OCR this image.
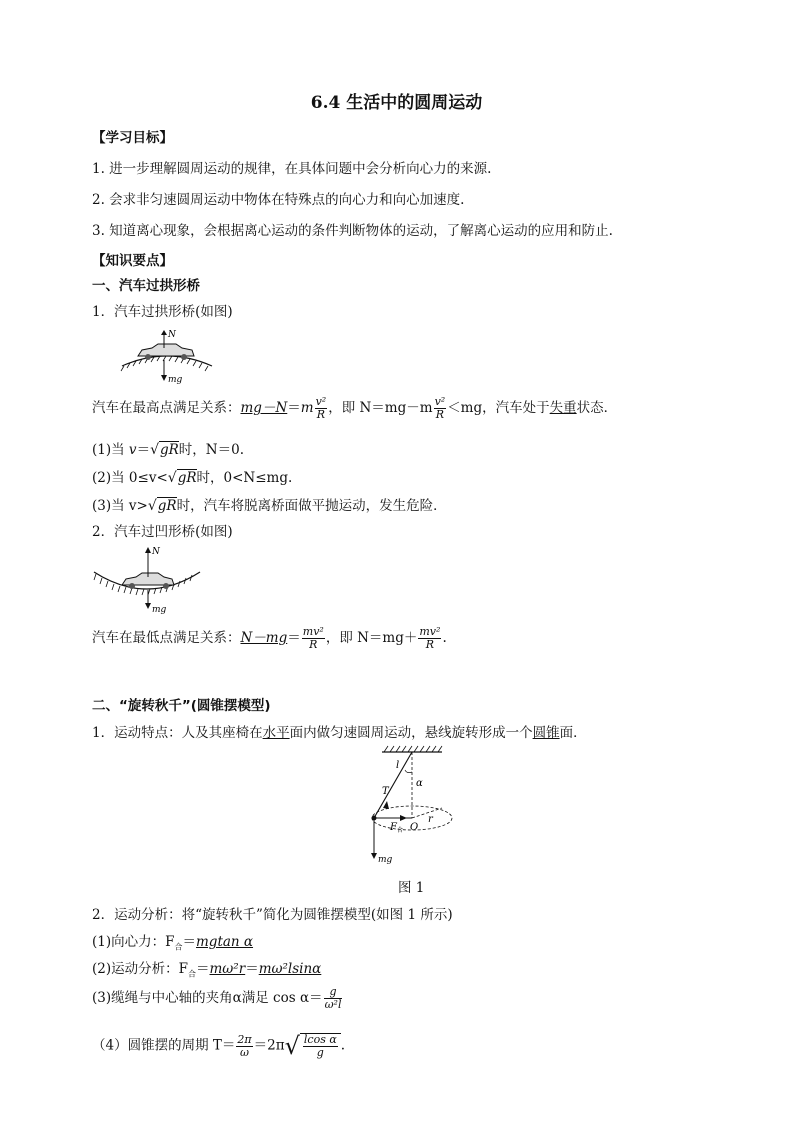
6.4 生活中的圆周运动
【学习目标】
1. 进一步理解圆周运动的规律，在具体问题中会分析向心力的来源.
2. 会求非匀速圆周运动中物体在特殊点的向心力和向心加速度.
3. 知道离心现象，会根据离心运动的条件判断物体的运动，了解离心运动的应用和防止.
【知识要点】
一、汽车过拱形桥
1．汽车过拱形桥(如图)
N
mg
汽车在最高点满足关系：$mg-N=m \frac{\text{v²}}{R}$ ，即 $N=mg-m \frac{\text{v²}}{R} <mg$，汽车处于失重状态．
(1)当 v＝√gR时，N＝0.
(2)当 0≤v<√gR时，0<N≤mg.
(3)当 v>√gR时，汽车将脱离桥面做平抛运动，发生危险．
2．汽车过凹形桥(如图)
N
mg
汽车在最低点满足关系：$N-mg= \frac{\text{mv²}}{R}$ ，即 $N=mg+ \frac{\text{mv²}}{R}$ .
二、“旋转秋千”(圆锥摆模型)
1．运动特点：人及其座椅在水平面内做匀速圆周运动，悬线旋转形成一个圆锥面．
l
T
α
$F_合$ O
r
mg
图 1
2．运动分析：将“旋转秋千”简化为圆锥摆模型(如图 1 所示)
(1)向心力：$F_合=mgtan$ α
(2)运动分析：$F_合=m\omega^2r=m\omega^2lsin\alpha$
(3)缆绳与中心轴的夹角α满足 $\cos \alpha= \frac{g}{\text{ω²l}}$
（4）圆锥摆的周期 $T= \frac{2\pi}{\omega} =2\pi√ \frac{\text{lcos α}}{g}$ .
